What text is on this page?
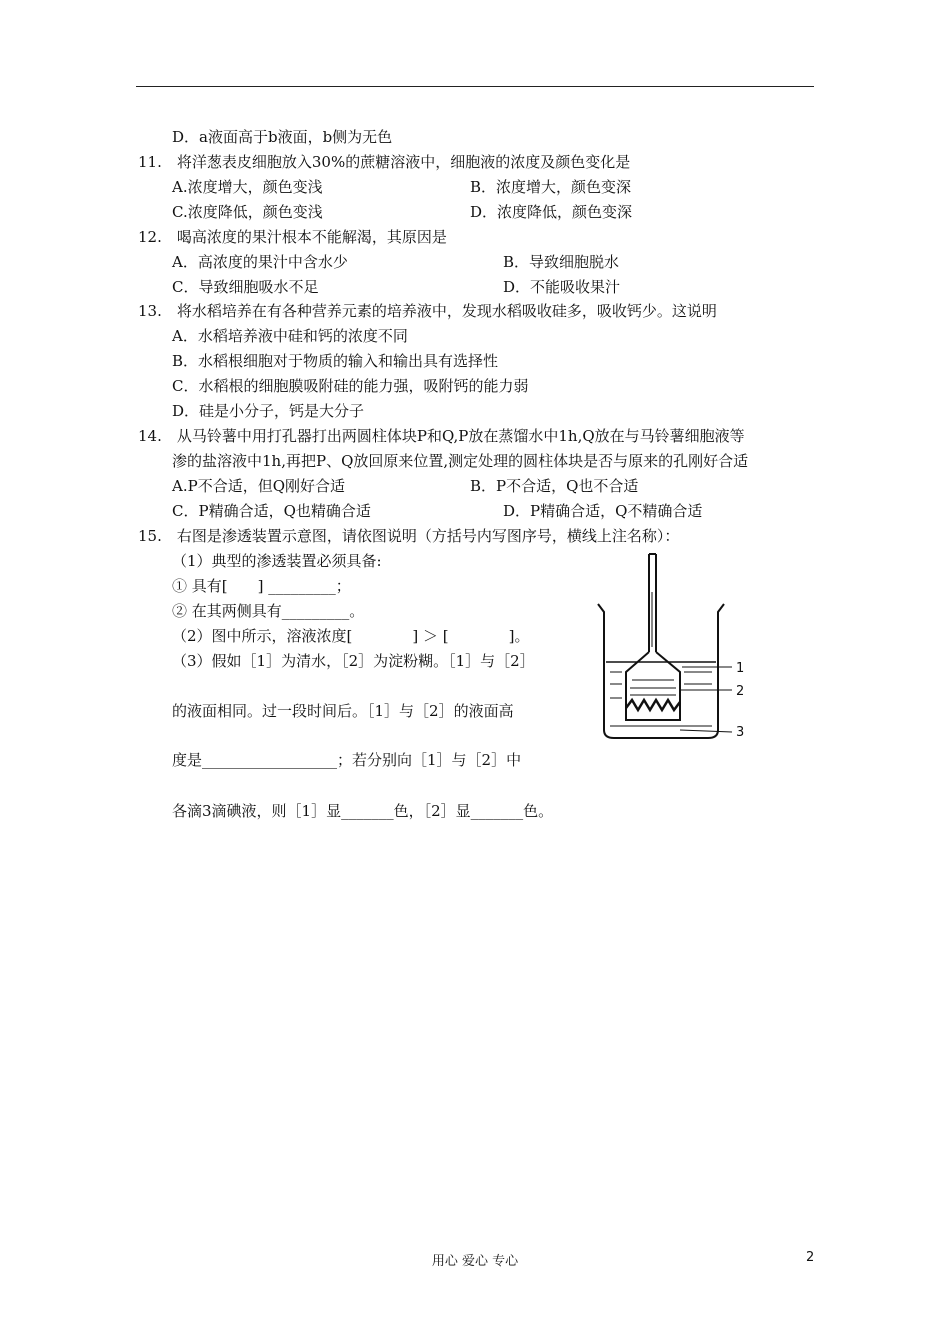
D．a液面高于b液面，b侧为无色
11.　将洋葱表皮细胞放入30%的蔗糖溶液中，细胞液的浓度及颜色变化是
A.浓度增大，颜色变浅	B．浓度增大，颜色变深
C.浓度降低，颜色变浅	D．浓度降低，颜色变深
12.　喝高浓度的果汁根本不能解渴，其原因是
A．高浓度的果汁中含水少	B．导致细胞脱水
C．导致细胞吸水不足	D．不能吸收果汁
13.　将水稻培养在有各种营养元素的培养液中，发现水稻吸收硅多，吸收钙少。这说明
A．水稻培养液中硅和钙的浓度不同
B．水稻根细胞对于物质的输入和输出具有选择性
C．水稻根的细胞膜吸附硅的能力强，吸附钙的能力弱
D．硅是小分子，钙是大分子
14.　从马铃薯中用打孔器打出两圆柱体块P和Q,P放在蒸馏水中1h,Q放在与马铃薯细胞液等
渗的盐溶液中1h,再把P、Q放回原来位置,测定处理的圆柱体块是否与原来的孔刚好合适
A.P不合适，但Q刚好合适	B．P不合适，Q也不合适
C．P精确合适，Q也精确合适	D．P精确合适，Q不精确合适
15.　右图是渗透装置示意图，请依图说明（方括号内写图序号，横线上注名称）：
（1）典型的渗透装置必须具备:
① 具有[　　] _________；
② 在其两侧具有_________。
（2）图中所示，溶液浓度[　　　　] ＞ [　　　　]。
（3）假如［1］为清水，［2］为淀粉糊。［1］与［2］
的液面相同。过一段时间后。［1］与［2］的液面高
度是__________________；若分别向［1］与［2］中
各滴3滴碘液，则［1］显_______色，［2］显_______色。
1
2
3
用心 爱心 专心	2
